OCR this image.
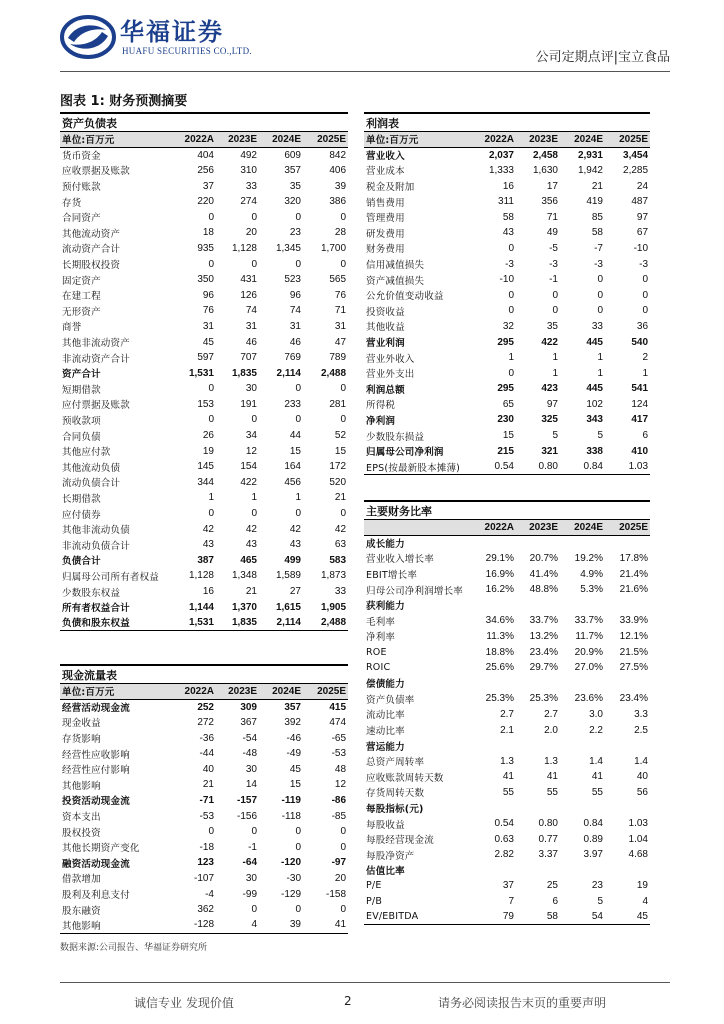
华福证券
HUAFU SECURITIES CO.,LTD.	公司定期点评|宝立食品
图表 1: 财务预测摘要
资产负债表				
单位:百万元	2022A	2023E	2024E	2025E
货币资金	404	492	609	842
应收票据及账款	256	310	357	406
预付账款	37	33	35	39
存货	220	274	320	386
合同资产	0	0	0	0
其他流动资产	18	20	23	28
流动资产合计	935	1,128	1,345	1,700
长期股权投资	0	0	0	0
固定资产	350	431	523	565
在建工程	96	126	96	76
无形资产	76	74	74	71
商誉	31	31	31	31
其他非流动资产	45	46	46	47
非流动资产合计	597	707	769	789
资产合计	1,531	1,835	2,114	2,488
短期借款	0	30	0	0
应付票据及账款	153	191	233	281
预收款项	0	0	0	0
合同负债	26	34	44	52
其他应付款	19	12	15	15
其他流动负债	145	154	164	172
流动负债合计	344	422	456	520
长期借款	1	1	1	21
应付债券	0	0	0	0
其他非流动负债	42	42	42	42
非流动负债合计	43	43	43	63
负债合计	387	465	499	583
归属母公司所有者权益	1,128	1,348	1,589	1,873
少数股东权益	16	21	27	33
所有者权益合计	1,144	1,370	1,615	1,905
负债和股东权益	1,531	1,835	2,114	2,488
现金流量表				
单位:百万元	2022A	2023E	2024E	2025E
经营活动现金流	252	309	357	415
现金收益	272	367	392	474
存货影响	-36	-54	-46	-65
经营性应收影响	-44	-48	-49	-53
经营性应付影响	40	30	45	48
其他影响	21	14	15	12
投资活动现金流	-71	-157	-119	-86
资本支出	-53	-156	-118	-85
股权投资	0	0	0	0
其他长期资产变化	-18	-1	0	0
融资活动现金流	123	-64	-120	-97
借款增加	-107	30	-30	20
股利及利息支付	-4	-99	-129	-158
股东融资	362	0	0	0
其他影响	-128	4	39	41
利润表				
单位:百万元	2022A	2023E	2024E	2025E
营业收入	2,037	2,458	2,931	3,454
营业成本	1,333	1,630	1,942	2,285
税金及附加	16	17	21	24
销售费用	311	356	419	487
管理费用	58	71	85	97
研发费用	43	49	58	67
财务费用	0	-5	-7	-10
信用减值损失	-3	-3	-3	-3
资产减值损失	-10	-1	0	0
公允价值变动收益	0	0	0	0
投资收益	0	0	0	0
其他收益	32	35	33	36
营业利润	295	422	445	540
营业外收入	1	1	1	2
营业外支出	0	1	1	1
利润总额	295	423	445	541
所得税	65	97	102	124
净利润	230	325	343	417
少数股东损益	15	5	5	6
归属母公司净利润	215	321	338	410
EPS(按最新股本摊薄)	0.54	0.80	0.84	1.03
主要财务比率				
	2022A	2023E	2024E	2025E
成长能力				
营业收入增长率	29.1%	20.7%	19.2%	17.8%
EBIT增长率	16.9%	41.4%	4.9%	21.4%
归母公司净利润增长率	16.2%	48.8%	5.3%	21.6%
获利能力				
毛利率	34.6%	33.7%	33.7%	33.9%
净利率	11.3%	13.2%	11.7%	12.1%
ROE	18.8%	23.4%	20.9%	21.5%
ROIC	25.6%	29.7%	27.0%	27.5%
偿债能力				
资产负债率	25.3%	25.3%	23.6%	23.4%
流动比率	2.7	2.7	3.0	3.3
速动比率	2.1	2.0	2.2	2.5
营运能力				
总资产周转率	1.3	1.3	1.4	1.4
应收账款周转天数	41	41	41	40
存货周转天数	55	55	55	56
每股指标(元)				
每股收益	0.54	0.80	0.84	1.03
每股经营现金流	0.63	0.77	0.89	1.04
每股净资产	2.82	3.37	3.97	4.68
估值比率				
P/E	37	25	23	19
P/B	7	6	5	4
EV/EBITDA	79	58	54	45
数据来源:公司报告、华福证券研究所
诚信专业 发现价值	2	请务必阅读报告末页的重要声明
